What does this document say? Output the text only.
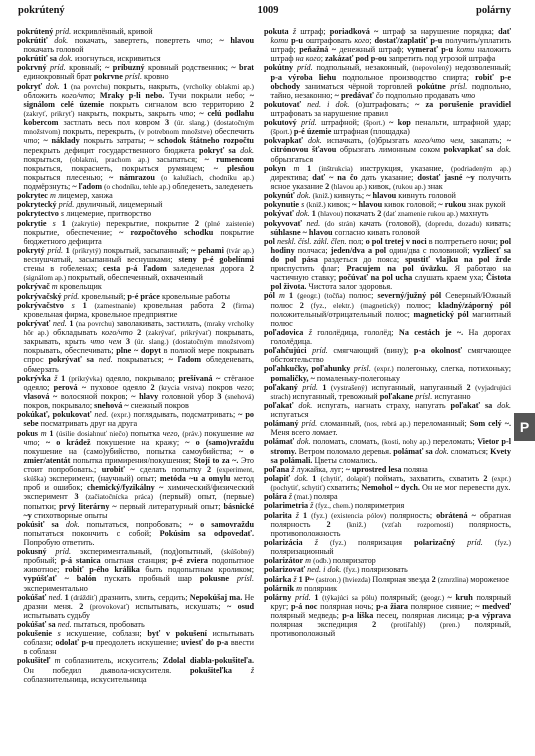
pokrútený	1009	polárny

pokrútený príd. искривлённый, кривой

pokrútiť dok. покачать, завертеть, повертеть что; ~ hlavou покачать головой

pokrútiť sa dok. изогнуться, искривиться

pokrvný príd. кровный; ~ príbuzný кровный родственник; ~ brat единокровный брат pokrvne prísl. кровно

pokryť dok. 1 (na povrchu) покрыть, накрыть, (vrcholky oblakmi ap.) обложить кого/что; Mraky p-li nebo. Тучи покрыли небо; ~ signálom celé územie покрыть сигналом всю территорию 2 (zakryť, prikryť) накрыть, покрыть, закрыть что; ~ celú podlahu kobercom застлать весь пол ковром 3 (úr. slang.) (dostatočným množstvom) покрыть, перекрыть, (v potrebnom množstve) обеспечить что; ~ náklady покрыть затраты; ~ schodok štátneho rozpočtu перекрыть дефицит государственного бюджета pokryť sa dok. покрыться, (oblakmi, prachom ap.) засыпаться; ~ rumencom покрыться, покраснеть, покрыться румянцем; ~ plesňou покрыться плесенью; ~ námrazou (o kalužiach, chodníku ap.) подмёрзнуть; ~ ľadom (o chodníku, tehle ap.) обледенеть, заледенеть

pokrytec m лицемер, ханжа

pokrytecký príd. двуличный, лицемерный

pokrytectvo s лицемерие, притворство

pokrytie s 1 (zakrytie) перекрытие, покрытие 2 (plné zaistenie) покрытие, обеспечение; ~ rozpočtového schodku покрытие бюджетного дефицита

pokrytý príd. 1 (prikrytý) покрытый, засыпанный; ~ pehami (tvár ap.) веснушчатый, засыпанный веснушками; steny p-é gobelínmi стены в гобеленах; cesta p-á ľadom заледенелая дорога 2 (signálom ap.) покрытый, обеспеченный, охваченный

pokrývač m кровельщик

pokrývačský príd. кровельный; p-é práce кровельные работы

pokrývačstvo s 1 (zamestnanie) кровельная работа 2 (firma) кровельная фирма, кровельное предприятие

pokrývať ned. 1 (na povrchu) заволакивать, застилать, (mraky vrcholky hôr ap.) обкладывать кого/что 2 (zakrývať, prikrývať) покрывать, закрывать, крыть что чем 3 (úr. slang.) (dostatočným množstvom) покрывать, обеспечивать; plne ~ dopyt в полной мере покрывать спрос pokrývať sa ned. покрываться; ~ ľadom обледеневать, обмерзать

pokrývka ž 1 (prikrývka) одеяло, покрывало; prešívaná ~ стёганое одеяло; perová ~ пуховое одеяло 2 (krycia vrstva) покров чего; vlasová ~ волосяной покров; ~ hlavy головной убор 3 (snehová) покров, покрывало; snehová ~ снежный покров

pokúkať, pokukovať ned. (expr.) поглядывать, подсматривать; ~ po sebe посматривать друг на друга

pokus m 1 (úsilie dosiahnuť niečo) попытка чего, (práv.) покушение на что; ~ o krádež покушение на кражу; ~ o (samo)vraždu покушение на (само)убийство, попытка самоубийства; ~ o zmier/atentát попытка примирения/покушения; Stojí to za ~. Это стоит попробовать.; urobiť ~ сделать попытку 2 (experiment, skúška) эксперимент, (научный) опыт; metóda ~u a omylu метод проб и ошибок; chemický/fyzikálny ~ химический/физический эксперимент 3 (začiatočnícka práca) (первый) опыт, (первые) попытки; prvý literárny ~ первый литературный опыт; básnické ~y стихотворные опыты

pokúsiť sa dok. попытаться, попробовать; ~ o samovraždu попытаться покончить с собой; Pokúsim sa odpovedať. Попробую ответить.

pokusný príd. экспериментальный, (под)опытный, (skúšobný) пробный; p-á stanica опытная станция; p-é zviera подопытное животное; robiť p-ého králika быть подопытным кроликом; vypúšťať ~ balón пускать пробный шар pokusne prísl. экспериментально

pokúšať ned. 1 (dráždiť) дразнить, злить, сердить; Nepokúšaj ma. Не дразни меня. 2 (provokovať) испытывать, искушать; ~ osud испытывать судьбу

pokúšať sa ned. пытаться, пробовать

pokušenie s искушение, соблазн; byť v pokušení испытывать соблазн; odolať p-u преодолеть искушение; uviesť do p-a ввести в соблазн

pokušiteľ m соблазнитель, искуситель; Zdolal diabla-pokušiteľa. Он победил дьявола-искусителя. pokušiteľka ž соблазнительница, искусительница

pokuta ž штраф; poriadková ~ штраф за нарушение порядка; dať komu p-u оштрафовать кого; dostať/zaplatiť p-u получить/уплатить штраф; peňažná ~ денежный штраф; vymerať p-u komu наложить штраф на кого; zakázať pod p-ou запретить под угрозой штрафа

pokútny príd. подпольный, незаконный, (nepovolený) недозволенный; p-a výroba liehu подпольное производство спирта; robiť p-e obchody заниматься чёрной торговлей pokútne prísl. подпольно, тайно, незаконно; ~ predávať čo подпольно продавать что

pokutovať ned. i dok. (о)штрафовать; ~ za porušenie pravidiel штрафовать за нарушение правил

pokutový príd. штрафной; (šport.) ~ kop пенальти, штрафной удар; (šport.) p-é územie штрафная (площадка)

pokvapkať dok. испачкать, (о)брызгать кого/что чем, закапать; ~ citrónovou šťavou обрызгать лимонным соком pokvapkať sa dok. обрызгаться

pokyn m 1 (inštrukcia) инструкция, указание, (podriadeným ap.) директива; dať ~ na čo дать указание; dostať jasné ~y получить ясное указание 2 (hlavou ap.) кивок, (rukou ap.) знак

pokynúť dok. (kniž.) кивнуть; ~ hlavou кивнуть головой

pokynutie s (kniž.) кивок; ~ hlavou кивок головой; ~ rukou знак рукой

pokývať dok. 1 (hlavou) покачать 2 (dať znamenie rukou ap.) махнуть

pokyvovať ned. (do strán) качать (головой), (dopredu, dozadu) кивать; súhlasne ~ hlavou согласно кивать головой

pol neskl. čísl. zákl. člen. пол; o pol tretej v noci в полтретьего ночи; pol hodiny полчаса; jeden/dva a pol один/два с половиной; vyzliecť sa do pol pása раздеться до пояса; spustiť vlajku na pol žrde приспустить флаг; Pracujem na pol úväzku. Я работаю на частичную ставку; počúvať na pol ucha слушать краем уха; Čistota pol života. Чистота залог здоровья.

pól m 1 (geogr.) (točňa) полюс; severný/južný pól Северный/Южный полюс 2 (fyz., elektr.) (magnetický) полюс; kladný/záporný pól положительный/отрицательный полюс; magnetický pól магнитный полюс

poľadovica ž гололёдица, гололёд; Na cestách je ~. На дорогах гололёдица.

poľahčujúci príd. смягчающий (вину); p-a okolnosť смягчающее обстоятельство

poľahkučky, poľahunky prísl. (expr.) полегоньку, слегка, потихоньку; pomaličky, ~ помаленьку-полегоньку

poľakaný príd. 1 (vystrašený) испуганный, напуганный 2 (vyjadrujúci strach) испуганный, тревожный poľakane prísl. испуганно

poľakať dok. испугать, нагнать страху, напугать poľakať sa dok. испугаться

polámaný príd. сломанный, (nos, rebrá ap.) переломанный; Som celý ~. Меня всего ломает.

polámať dok. поломать, сломать, (kosti, nohy ap.) переломать; Vietor p-l stromy. Ветром поломало деревья. polámať sa dok. сломаться; Kvety sa polámali. Цветы сломались.

poľana ž лужайка, луг; ~ uprostred lesa поляна

polapiť dok. 1 (chytiť, dolapiť) поймать, захватить, схватить 2 (expr.) (pochytiť, schytiť) схватить; Nemohol ~ dych. Он не мог перевести дух.

polára ž (mat.) поляра

polarimetria ž (fyz., chem.) поляриметрия

polarita ž 1 (fyz.) (existencia pólov) полярность; obrátená ~ обратная полярность 2 (kniž.) (vzťah rozpornosti) полярность, противоположность

polarizácia ž (fyz.) поляризация polarizačný príd. (fyz.) поляризационный

polarizátor m (odb.) поляризатор

polarizovať ned. i dok. (fyz.) поляризовать

polárka ž 1 P~ (astron.) (hviezda) Полярная звезда 2 (zmrzlina) мороженое

polárnik m полярник

polárny príd. 1 (týkajúci sa pólu) полярный; (geogr.) ~ kruh полярный круг; p-á noc полярная ночь; p-a žiara полярное сияние; ~ medveď полярный медведь; p-a líška песец, полярная лисица; p-a výprava полярная экспедиция 2 (protiľahlý) (pren.) полярный, противоположный

P
